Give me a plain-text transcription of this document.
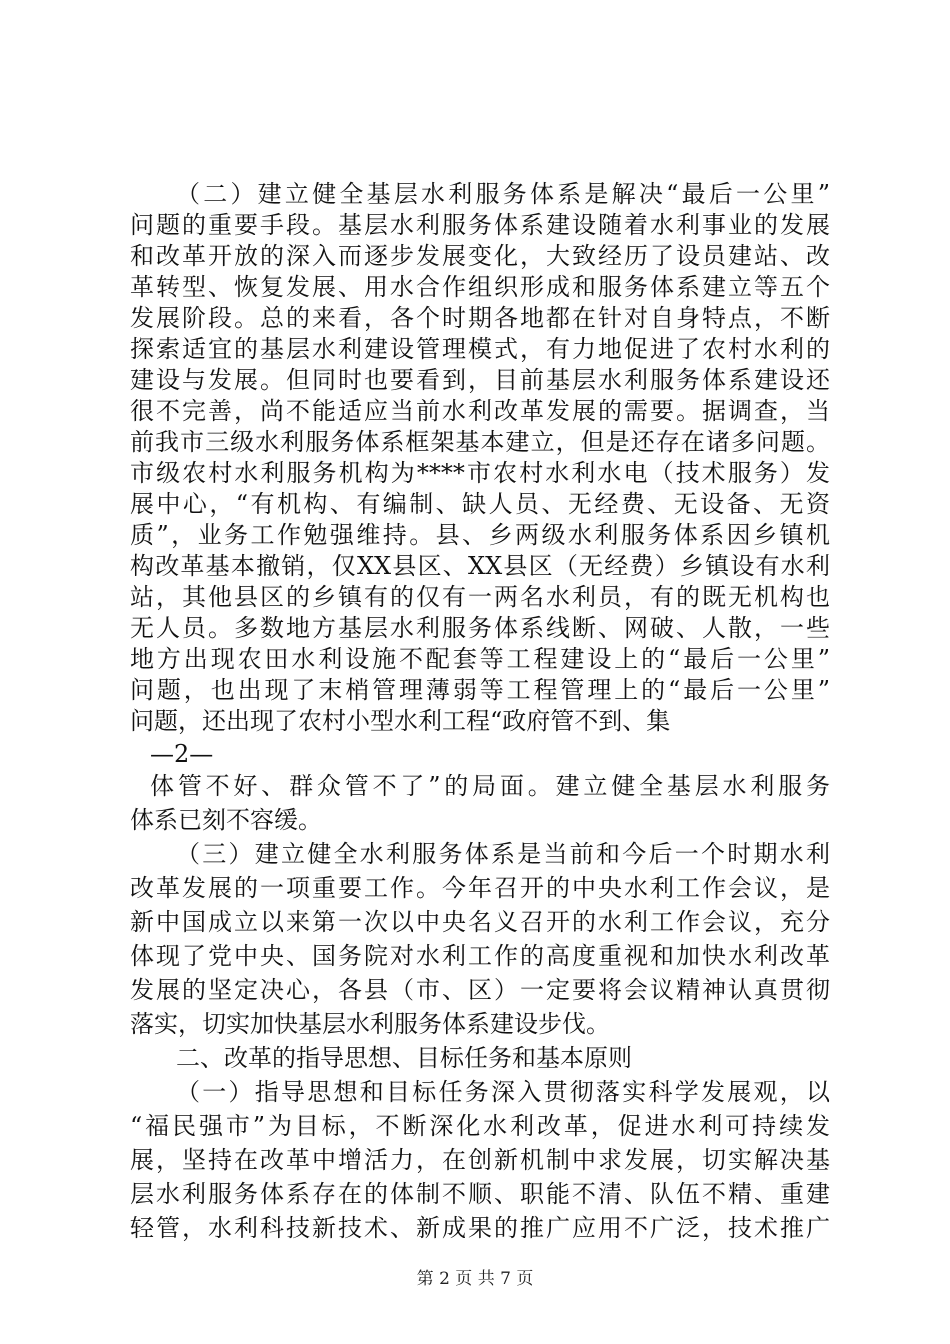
（二）建立健全基层水利服务体系是解决“最后一公里”
问题的重要手段。基层水利服务体系建设随着水利事业的发展
和改革开放的深入而逐步发展变化，大致经历了设员建站、改
革转型、恢复发展、用水合作组织形成和服务体系建立等五个
发展阶段。总的来看，各个时期各地都在针对自身特点，不断
探索适宜的基层水利建设管理模式，有力地促进了农村水利的
建设与发展。但同时也要看到，目前基层水利服务体系建设还
很不完善，尚不能适应当前水利改革发展的需要。据调查，当
前我市三级水利服务体系框架基本建立，但是还存在诸多问题。
市级农村水利服务机构为****市农村水利水电（技术服务）发
展中心，“有机构、有编制、缺人员、无经费、无设备、无资
质”，业务工作勉强维持。县、乡两级水利服务体系因乡镇机
构改革基本撤销，仅XX县区、XX县区（无经费）乡镇设有水利
站，其他县区的乡镇有的仅有一两名水利员，有的既无机构也
无人员。多数地方基层水利服务体系线断、网破、人散，一些
地方出现农田水利设施不配套等工程建设上的“最后一公里”
问题，也出现了末梢管理薄弱等工程管理上的“最后一公里”
问题，还出现了农村小型水利工程“政府管不到、集
—2—
体管不好、群众管不了”的局面。建立健全基层水利服务
体系已刻不容缓。
（三）建立健全水利服务体系是当前和今后一个时期水利
改革发展的一项重要工作。今年召开的中央水利工作会议，是
新中国成立以来第一次以中央名义召开的水利工作会议，充分
体现了党中央、国务院对水利工作的高度重视和加快水利改革
发展的坚定决心，各县（市、区）一定要将会议精神认真贯彻
落实，切实加快基层水利服务体系建设步伐。
二、改革的指导思想、目标任务和基本原则
（一）指导思想和目标任务深入贯彻落实科学发展观，以
“福民强市”为目标，不断深化水利改革，促进水利可持续发
展，坚持在改革中增活力，在创新机制中求发展，切实解决基
层水利服务体系存在的体制不顺、职能不清、队伍不精、重建
轻管，水利科技新技术、新成果的推广应用不广泛，技术推广
第 2 页 共 7 页
